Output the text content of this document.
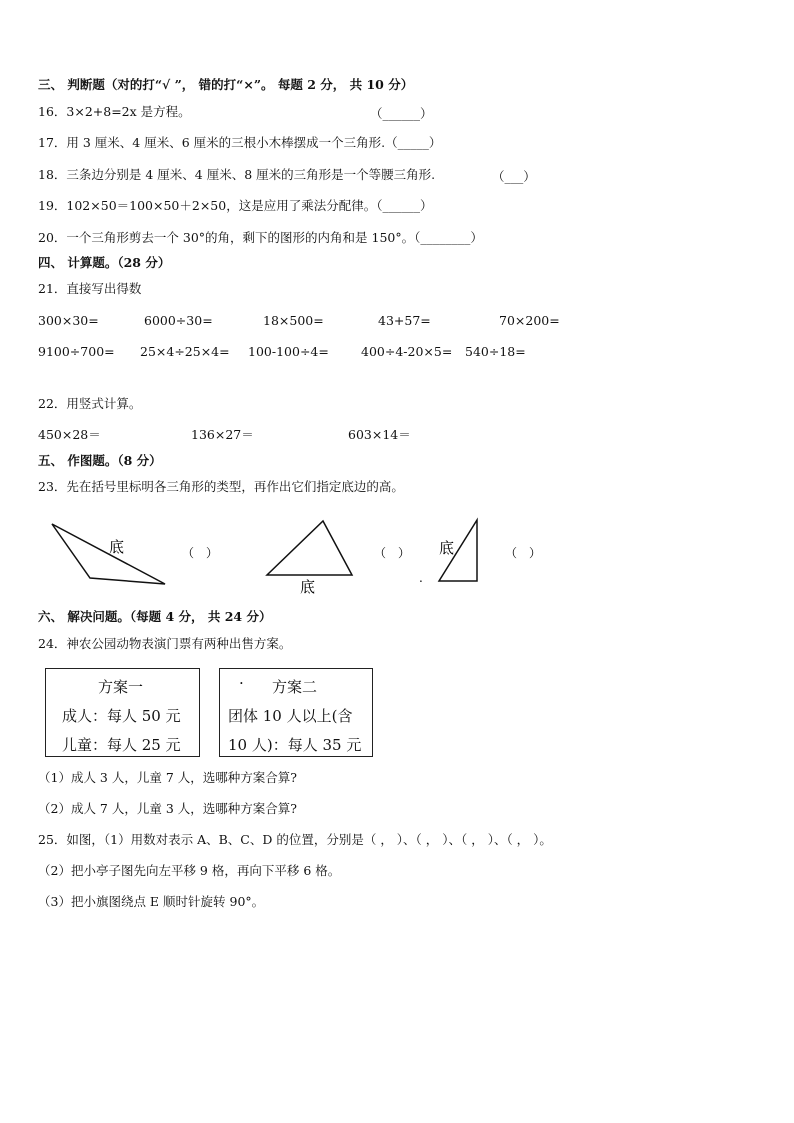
三、 判断题（对的打“√ ”， 错的打“×”。 每题 2 分， 共 10 分）
16．3×2+8=2x 是方程。	（______）
17．用 3 厘米、4 厘米、6 厘米的三根小木棒摆成一个三角形.（_____）
18．三条边分别是 4 厘米、4 厘米、8 厘米的三角形是一个等腰三角形.	（___）
19．102×50＝100×50＋2×50，这是应用了乘法分配律。（______）
20．一个三角形剪去一个 30°的角，剩下的图形的内角和是 150°。（________）
四、 计算题。（28 分）
21．直接写出得数
300×30=	6000÷30=	18×500=	43+57=	70×200=
9100÷700= 25×4÷25×4= 100-100÷4=	400÷4-20×5= 540÷18=
22．用竖式计算。
450×28＝	136×27＝	603×14＝
五、 作图题。（8 分）
23．先在括号里标明各三角形的类型，再作出它们指定底边的高。
底	（　）
底
（　）
.
底	（　）
六、 解决问题。（每题 4 分， 共 24 分）
24．神农公园动物表演门票有两种出售方案。
方案一
成人：每人 50 元
儿童：每人 25 元
· 方案二
团体 10 人以上(含
10 人)：每人 35 元
（1）成人 3 人，儿童 7 人，选哪种方案合算?
（2）成人 7 人，儿童 3 人，选哪种方案合算?
25．如图，（1）用数对表示 A、B、C、D 的位置，分别是（ ， ）、（ ， ）、（ ， ）、（ ， ）。
（2）把小亭子图先向左平移 9 格，再向下平移 6 格。
（3）把小旗图绕点 E 顺时针旋转 90°。
